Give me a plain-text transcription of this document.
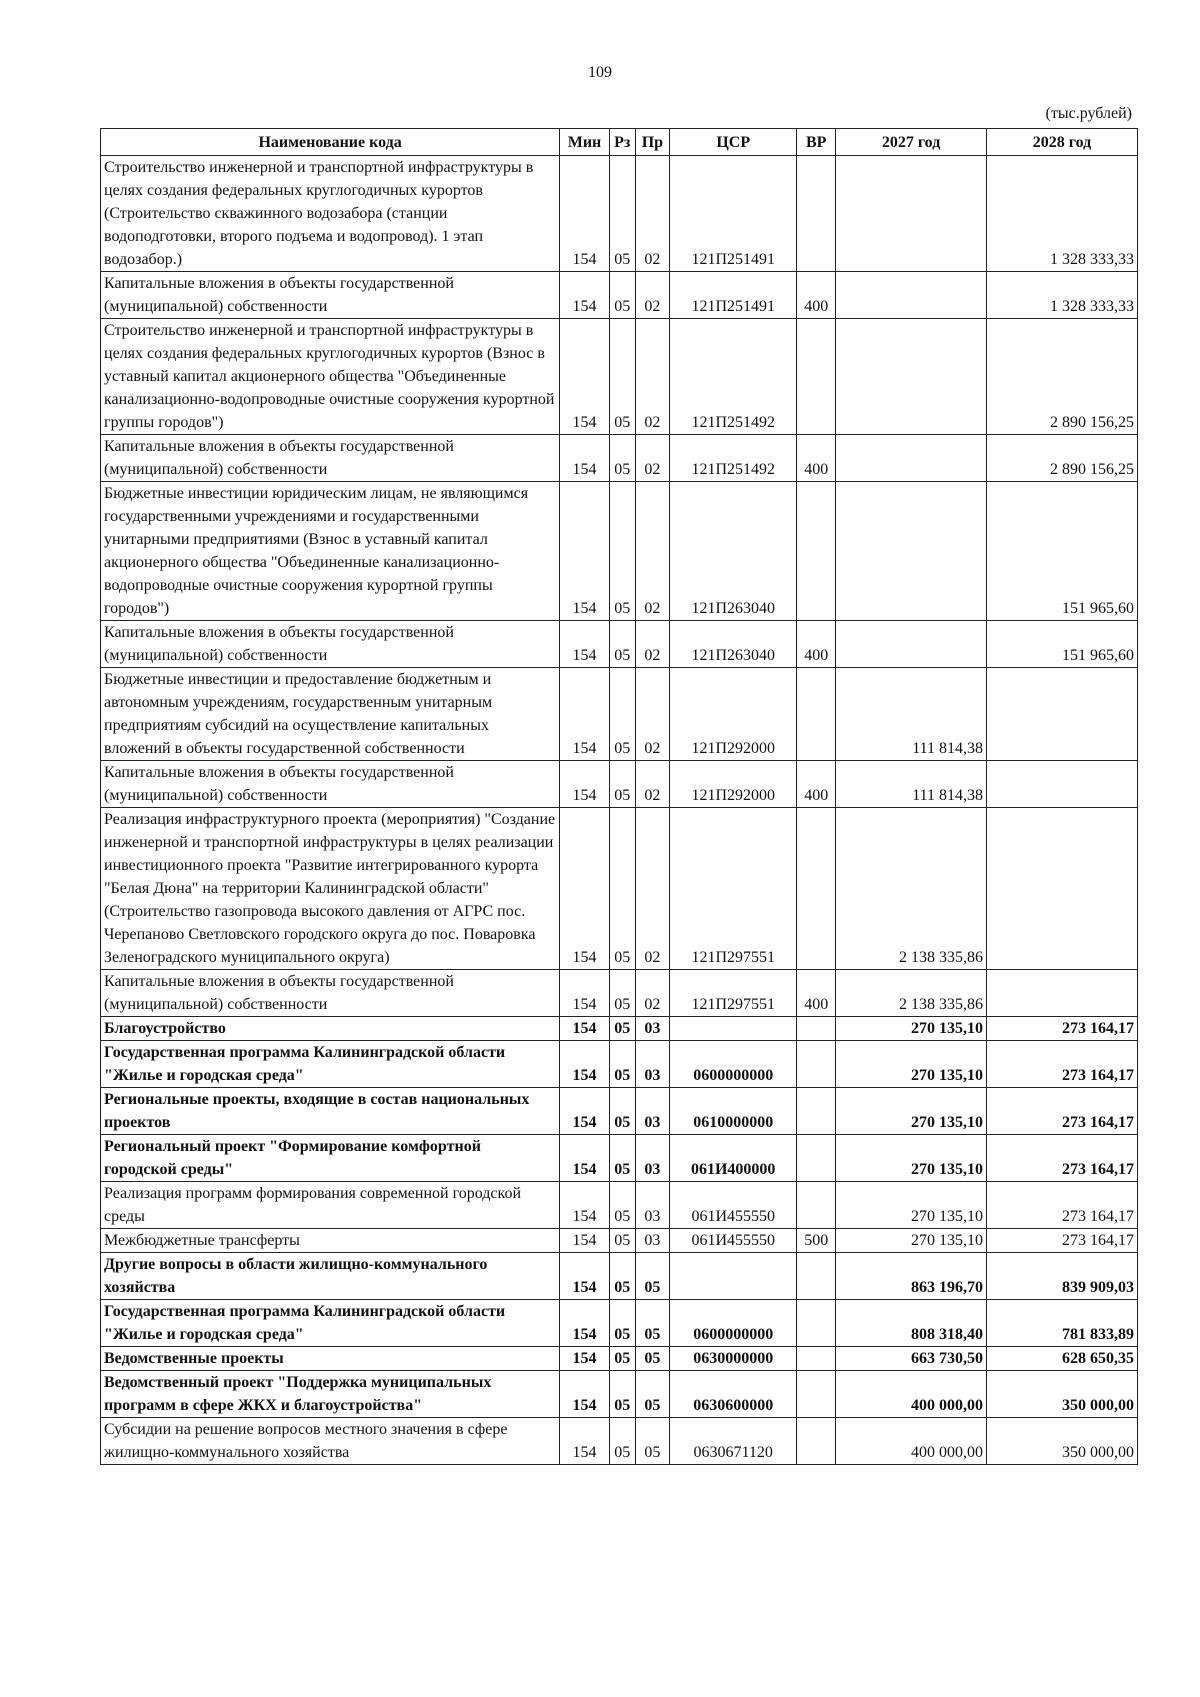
109
(тыс.рублей)
Наименование кода	Мин	Рз	Пр	ЦСР	ВР	2027 год	2028 год
Строительство инженерной и транспортной инфраструктуры в целях создания федеральных круглогодичных курортов (Строительство скважинного водозабора (станции водоподготовки, второго подъема и водопровод). 1 этап водозабор.)	154	05	02	121П251491			1 328 333,33
Капитальные вложения в объекты государственной (муниципальной) собственности	154	05	02	121П251491	400		1 328 333,33
Строительство инженерной и транспортной инфраструктуры в целях создания федеральных круглогодичных курортов (Взнос в уставный капитал акционерного общества "Объединенные канализационно-водопроводные очистные сооружения курортной группы городов")	154	05	02	121П251492			2 890 156,25
Капитальные вложения в объекты государственной (муниципальной) собственности	154	05	02	121П251492	400		2 890 156,25
Бюджетные инвестиции юридическим лицам, не являющимся государственными учреждениями и государственными унитарными предприятиями (Взнос в уставный капитал акционерного общества "Объединенные канализационно-водопроводные очистные сооружения курортной группы городов")	154	05	02	121П263040			151 965,60
Капитальные вложения в объекты государственной (муниципальной) собственности	154	05	02	121П263040	400		151 965,60
Бюджетные инвестиции и предоставление бюджетным и автономным учреждениям, государственным унитарным предприятиям субсидий на осуществление капитальных вложений в объекты государственной собственности	154	05	02	121П292000		111 814,38	
Капитальные вложения в объекты государственной (муниципальной) собственности	154	05	02	121П292000	400	111 814,38	
Реализация инфраструктурного проекта (мероприятия) "Создание инженерной и транспортной инфраструктуры в целях реализации инвестиционного проекта "Развитие интегрированного курорта "Белая Дюна" на территории Калининградской области" (Строительство газопровода высокого давления от АГРС пос. Черепаново Светловского городского округа до пос. Поваровка Зеленоградского муниципального округа)	154	05	02	121П297551		2 138 335,86	
Капитальные вложения в объекты государственной (муниципальной) собственности	154	05	02	121П297551	400	2 138 335,86	
Благоустройство	154	05	03			270 135,10	273 164,17
Государственная программа Калининградской области "Жилье и городская среда"	154	05	03	0600000000		270 135,10	273 164,17
Региональные проекты, входящие в состав национальных проектов	154	05	03	0610000000		270 135,10	273 164,17
Региональный проект "Формирование комфортной городской среды"	154	05	03	061И400000		270 135,10	273 164,17
Реализация программ формирования современной городской среды	154	05	03	061И455550		270 135,10	273 164,17
Межбюджетные трансферты	154	05	03	061И455550	500	270 135,10	273 164,17
Другие вопросы в области жилищно-коммунального хозяйства	154	05	05			863 196,70	839 909,03
Государственная программа Калининградской области "Жилье и городская среда"	154	05	05	0600000000		808 318,40	781 833,89
Ведомственные проекты	154	05	05	0630000000		663 730,50	628 650,35
Ведомственный проект "Поддержка муниципальных программ в сфере ЖКХ и благоустройства"	154	05	05	0630600000		400 000,00	350 000,00
Субсидии на решение вопросов местного значения в сфере жилищно-коммунального хозяйства	154	05	05	0630671120		400 000,00	350 000,00
